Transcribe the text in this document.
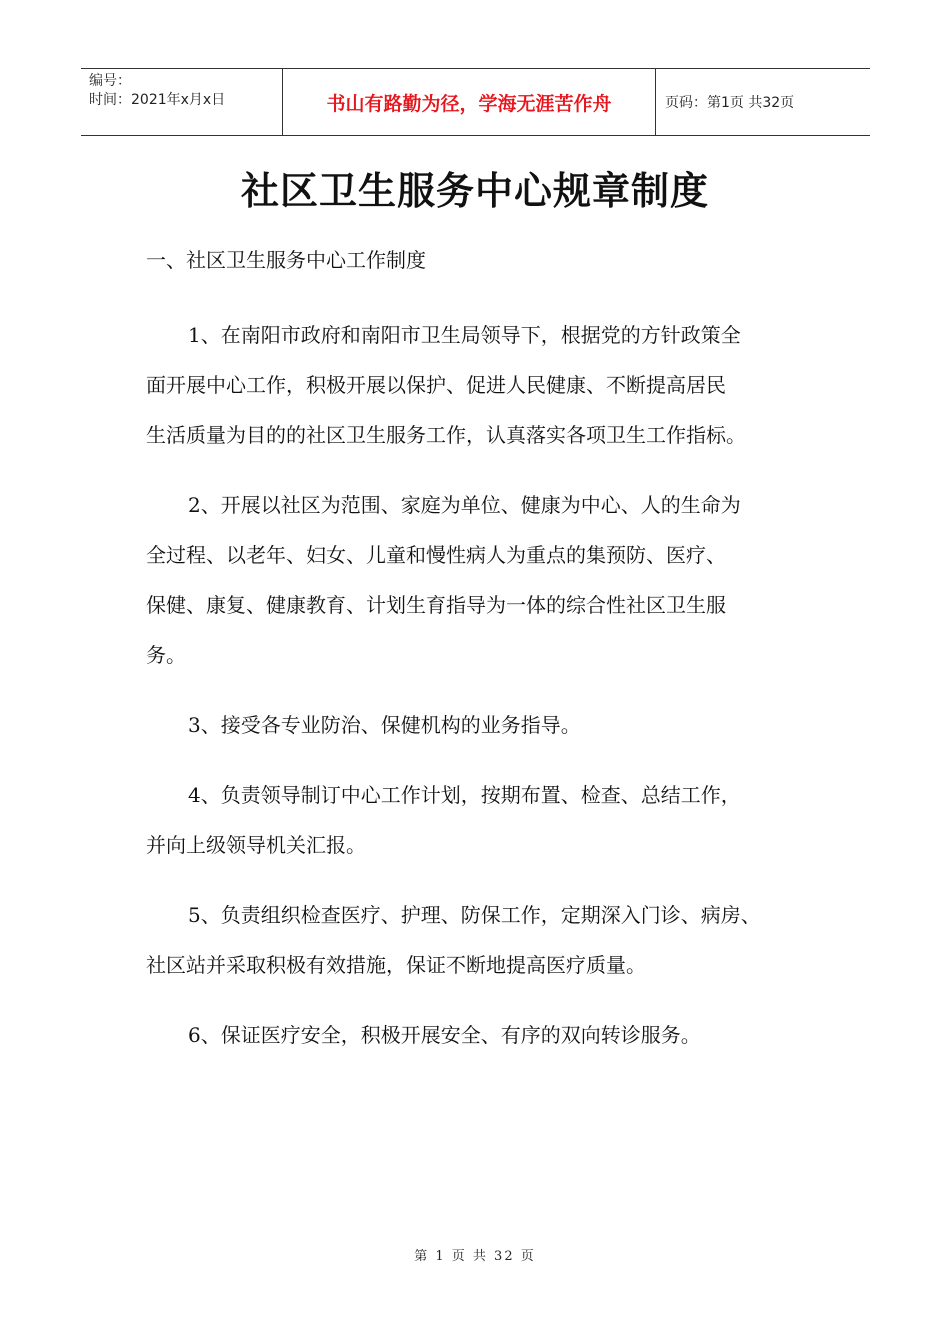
编号：
时间：2021年x月x日	书山有路勤为径，学海无涯苦作舟	页码：第1页 共32页
社区卫生服务中心规章制度
一、社区卫生服务中心工作制度

1、在南阳市政府和南阳市卫生局领导下，根据党的方针政策全
面开展中心工作，积极开展以保护、促进人民健康、不断提高居民
生活质量为目的的社区卫生服务工作，认真落实各项卫生工作指标。

2、开展以社区为范围、家庭为单位、健康为中心、人的生命为
全过程、以老年、妇女、儿童和慢性病人为重点的集预防、医疗、
保健、康复、健康教育、计划生育指导为一体的综合性社区卫生服
务。

3、接受各专业防治、保健机构的业务指导。

4、负责领导制订中心工作计划，按期布置、检查、总结工作，
并向上级领导机关汇报。

5、负责组织检查医疗、护理、防保工作，定期深入门诊、病房、
社区站并采取积极有效措施，保证不断地提高医疗质量。

6、保证医疗安全，积极开展安全、有序的双向转诊服务。

第 1 页 共 32 页
